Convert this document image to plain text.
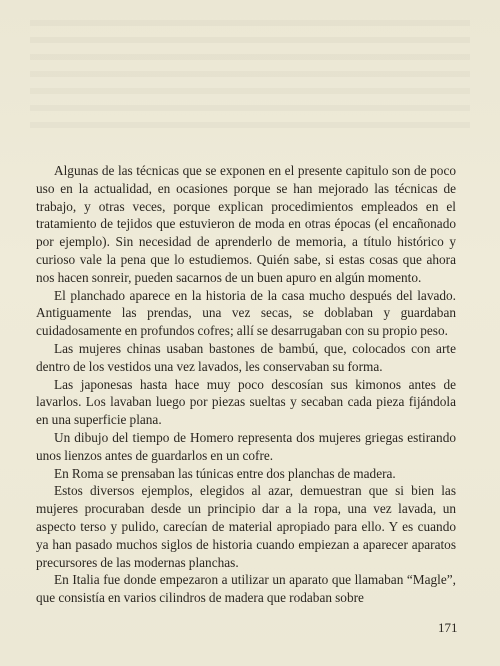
Algunas de las técnicas que se exponen en el presente capitulo son de poco uso en la actualidad, en ocasiones porque se han mejorado las técnicas de trabajo, y otras veces, porque explican procedimientos empleados en el tratamiento de tejidos que estuvieron de moda en otras épocas (el encañonado por ejemplo). Sin necesidad de aprenderlo de memoria, a título histórico y curioso vale la pena que lo estudiemos. Quién sabe, si estas cosas que ahora nos hacen sonreir, pueden sacarnos de un buen apuro en algún momento.

El planchado aparece en la historia de la casa mucho después del lavado. Antiguamente las prendas, una vez secas, se doblaban y guardaban cuidadosamente en profundos cofres; allí se desarrugaban con su propio peso.

Las mujeres chinas usaban bastones de bambú, que, colocados con arte dentro de los vestidos una vez lavados, les conservaban su forma.

Las japonesas hasta hace muy poco descosían sus kimonos antes de lavarlos. Los lavaban luego por piezas sueltas y secaban cada pieza fijándola en una superficie plana.

Un dibujo del tiempo de Homero representa dos mujeres griegas estirando unos lienzos antes de guardarlos en un cofre.

En Roma se prensaban las túnicas entre dos planchas de madera.

Estos diversos ejemplos, elegidos al azar, demuestran que si bien las mujeres procuraban desde un principio dar a la ropa, una vez lavada, un aspecto terso y pulido, carecían de material apropiado para ello. Y es cuando ya han pasado muchos siglos de historia cuando empiezan a aparecer aparatos precursores de las modernas planchas.

En Italia fue donde empezaron a utilizar un aparato que llamaban “Magle”, que consistía en varios cilindros de madera que rodaban sobre

171
